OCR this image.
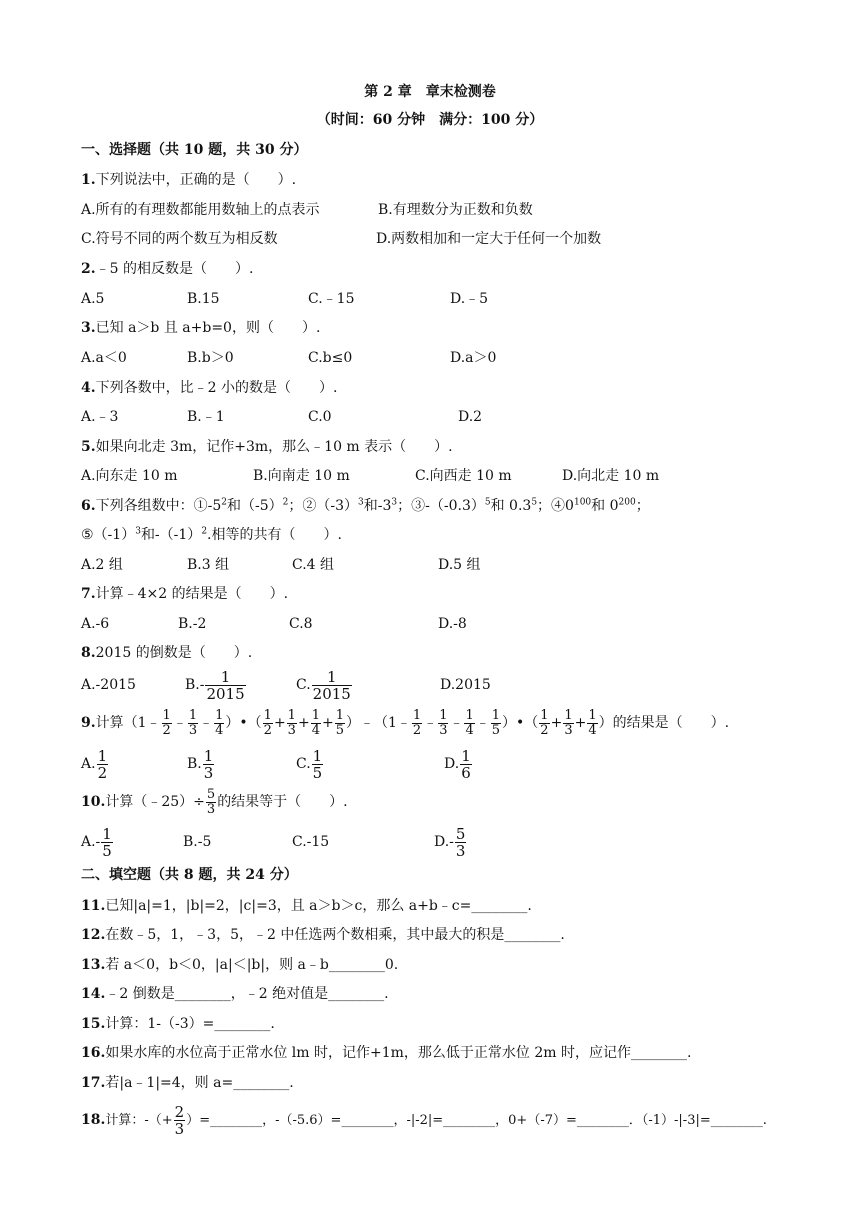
第 2 章　章末检测卷
（时间：60 分钟　满分：100 分）
一、选择题（共 10 题，共 30 分）
1.下列说法中，正确的是（　　）.
A.所有的有理数都能用数轴上的点表示	B.有理数分为正数和负数
C.符号不同的两个数互为相反数	D.两数相加和一定大于任何一个加数
2.﹣5 的相反数是（　　）.
A.5	B.15	C.﹣15	D.﹣5
3.已知 a＞b 且 a+b=0，则（　　）.
A.a＜0	B.b＞0	C.b≤0	D.a＞0
4.下列各数中，比﹣2 小的数是（　　）.
A.﹣3	B.﹣1	C.0	D.2
5.如果向北走 3m，记作+3m，那么﹣10 m 表示（　　）.
A.向东走 10 m	B.向南走 10 m	C.向西走 10 m	D.向北走 10 m
6.下列各组数中：$①-5^2$和$(-5)^2$；$②(-3)^3$和$-3^3$；$③-(-0.3)^5$和 $0.3^5$；$④0^{100}$和 $0^{200}$；
$⑤(-1)^3$和$-(-1)^2$.相等的共有（　　）.
A.2 组	B.3 组	C.4 组	D.5 组
7.计算﹣4×2 的结果是（　　）.
A.-6	B.-2	C.8	D.-8
8.2015 的倒数是（　　）.
A.-2015	$B.- \frac{1}{2015}$	C. $\frac{1}{2015}$	D.2015
9.计算（1﹣ $\frac{1}{2}$ ﹣ $\frac{1}{3}$ ﹣ $\frac{1}{4}$ ）•（ $\frac{1}{2} + \frac{1}{3} + \frac{1}{4} + \frac{1}{5}$ ）﹣（1﹣ $\frac{1}{2}$ ﹣ $\frac{1}{3}$ ﹣ $\frac{1}{4}$ ﹣ $\frac{1}{5}$ ）•（ $\frac{1}{2} + \frac{1}{3} + \frac{1}{4}$ ）的结果是（　　）.
A. $\frac{1}{2}$	B. $\frac{1}{3}$	C. $\frac{1}{5}$	D. $\frac{1}{6}$
10.计算（﹣25）÷ $\frac{5}{3}$ 的结果等于（　　）.
$A.- \frac{1}{5}$	B.-5	C.-15	$D.- \frac{5}{3}$
二、填空题（共 8 题，共 24 分）
11.已知|a|=1，|b|=2，|c|=3，且 a＞b＞c，那么 a+b﹣c=________.
12.在数﹣5，1，﹣3，5，﹣2 中任选两个数相乘，其中最大的积是________.
13.若 a＜0，b＜0，|a|＜|b|，则 a﹣b________0.
14.﹣2 倒数是________，﹣2 绝对值是________.
15.计算：1-（-3）=________.
16.如果水库的水位高于正常水位 lm 时，记作+1m，那么低于正常水位 2m 时，应记作________.
17.若|a﹣1|=4，则 a=________.
18.计算：-（+ $\frac{2}{3}$ ）=________，-（-5.6）=________，-|-2|=________，0+（-7）=________．（-1）-|-3|=________.
